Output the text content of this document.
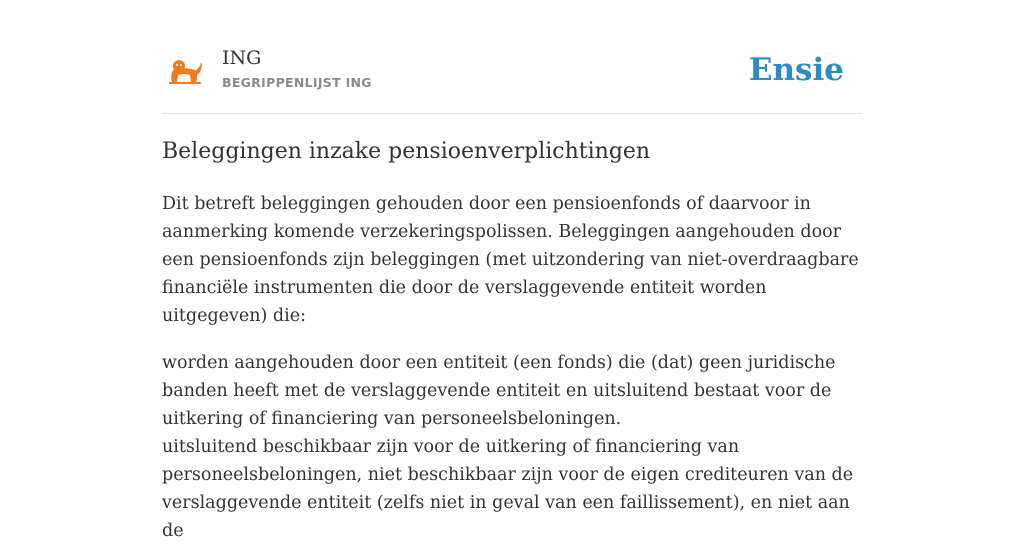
ING
BEGRIPPENLIJST ING	Ensie
Beleggingen inzake pensioenverplichtingen

Dit betreft beleggingen gehouden door een pensioenfonds of daarvoor in aanmerking komende verzekeringspolissen. Beleggingen aangehouden door een pensioenfonds zijn beleggingen (met uitzondering van niet-overdraagbare financiële instrumenten die door de verslaggevende entiteit worden uitgegeven) die:

worden aangehouden door een entiteit (een fonds) die (dat) geen juridische banden heeft met de verslaggevende entiteit en uitsluitend bestaat voor de uitkering of financiering van personeelsbeloningen.
uitsluitend beschikbaar zijn voor de uitkering of financiering van personeelsbeloningen, niet beschikbaar zijn voor de eigen crediteuren van de verslaggevende entiteit (zelfs niet in geval van een faillissement), en niet aan de
